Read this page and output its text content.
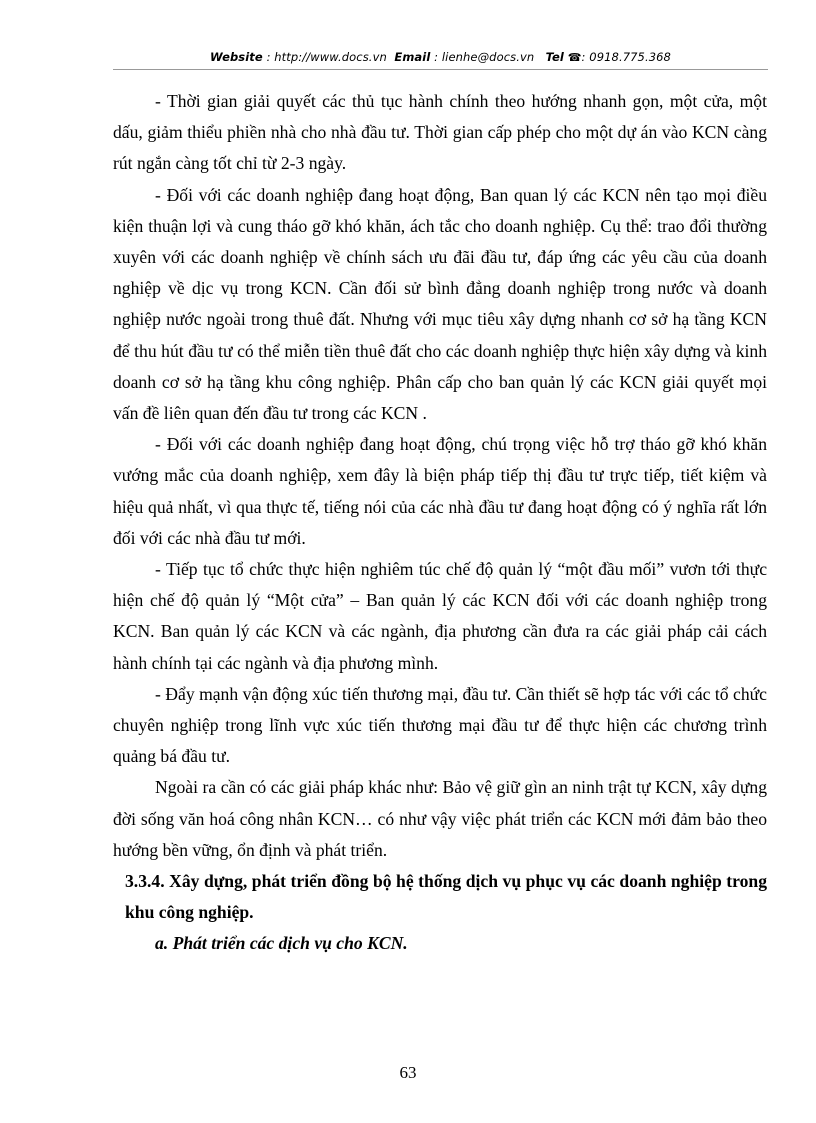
Website : http://www.docs.vn Email : lienhe@docs.vn Tel ☎: 0918.775.368

- Thời gian giải quyết các thủ tục hành chính theo hướng nhanh gọn, một cửa, một dấu, giảm thiểu phiền nhà cho nhà đầu tư. Thời gian cấp phép cho một dự án vào KCN càng rút ngắn càng tốt chỉ từ 2-3 ngày.

- Đối với các doanh nghiệp đang hoạt động, Ban quan lý các KCN nên tạo mọi điều kiện thuận lợi và cung tháo gỡ khó khăn, ách tắc cho doanh nghiệp. Cụ thể: trao đổi thường xuyên với các doanh nghiệp về chính sách ưu đãi đầu tư, đáp ứng các yêu cầu của doanh nghiệp về dịc vụ trong KCN. Cần đối sử bình đẳng doanh nghiệp trong nước và doanh nghiệp nước ngoài trong thuê đất. Nhưng với mục tiêu xây dựng nhanh cơ sở hạ tầng KCN để thu hút đầu tư có thể miễn tiền thuê đất cho các doanh nghiệp thực hiện xây dựng và kinh doanh cơ sở hạ tầng khu công nghiệp. Phân cấp cho ban quản lý các KCN giải quyết mọi vấn đề liên quan đến đầu tư trong các KCN .

- Đối với các doanh nghiệp đang hoạt động, chú trọng việc hỗ trợ tháo gỡ khó khăn vướng mắc của doanh nghiệp, xem đây là biện pháp tiếp thị đầu tư trực tiếp, tiết kiệm và hiệu quả nhất, vì qua thực tế, tiếng nói của các nhà đầu tư đang hoạt động có ý nghĩa rất lớn đối với các nhà đầu tư mới.

- Tiếp tục tổ chức thực hiện nghiêm túc chế độ quản lý “một đầu mối” vươn tới thực hiện chế độ quản lý “Một cửa” – Ban quản lý các KCN đối với các doanh nghiệp trong KCN. Ban quản lý các KCN và các ngành, địa phương cần đưa ra các giải pháp cải cách hành chính tại các ngành và địa phương mình.

- Đẩy mạnh vận động xúc tiến thương mại, đầu tư. Cần thiết sẽ hợp tác với các tổ chức chuyên nghiệp trong lĩnh vực xúc tiến thương mại đầu tư để thực hiện các chương trình quảng bá đầu tư.

Ngoài ra cần có các giải pháp khác như: Bảo vệ giữ gìn an ninh trật tự KCN, xây dựng đời sống văn hoá công nhân KCN… có như vậy việc phát triển các KCN mới đảm bảo theo hướng bền vững, ổn định và phát triển.

3.3.4. Xây dựng, phát triển đồng bộ hệ thống dịch vụ phục vụ các doanh nghiệp trong khu công nghiệp.

a. Phát triển các dịch vụ cho KCN.

63
